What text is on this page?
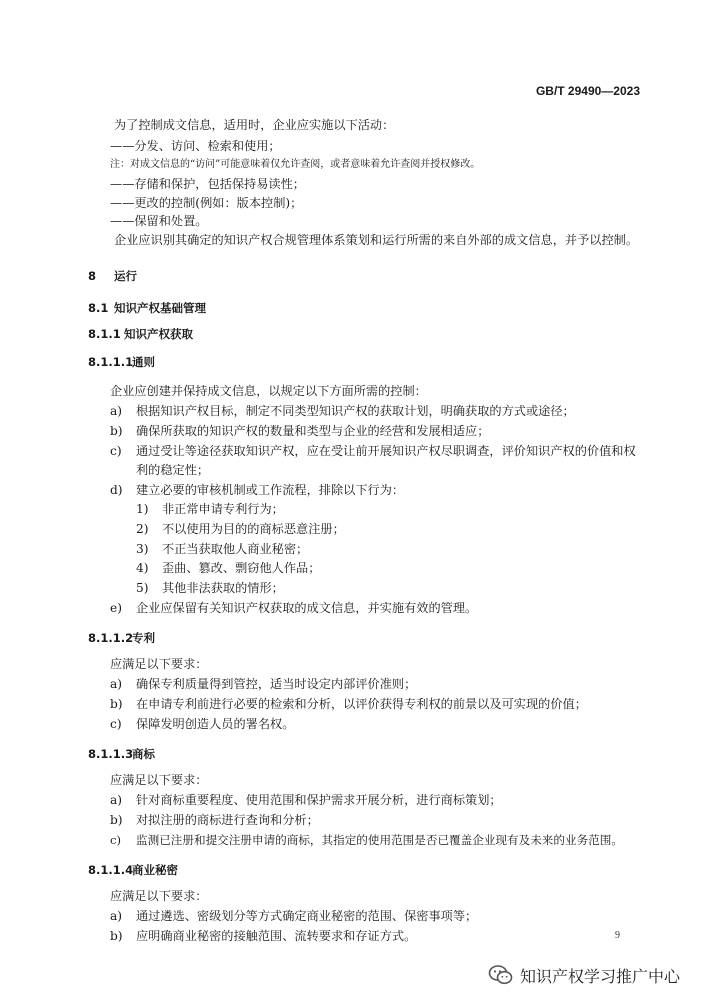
GB/T 29490—2023
为了控制成文信息，适用时，企业应实施以下活动：
——分发、访问、检索和使用；
注：对成文信息的“访问”可能意味着仅允许查阅，或者意味着允许查阅并授权修改。
——存储和保护，包括保持易读性；
——更改的控制(例如：版本控制)；
——保留和处置。
企业应识别其确定的知识产权合规管理体系策划和运行所需的来自外部的成文信息，并予以控制。
8 运行
8.1 知识产权基础管理
8.1.1 知识产权获取
8.1.1.1通则
企业应创建并保持成文信息，以规定以下方面所需的控制：
a) 根据知识产权目标，制定不同类型知识产权的获取计划，明确获取的方式或途径；
b) 确保所获取的知识产权的数量和类型与企业的经营和发展相适应；
c) 通过受让等途径获取知识产权，应在受让前开展知识产权尽职调查，评价知识产权的价值和权
利的稳定性；
d) 建立必要的审核机制或工作流程，排除以下行为：
1) 非正常申请专利行为；
2) 不以使用为目的的商标恶意注册；
3) 不正当获取他人商业秘密；
4) 歪曲、篡改、剽窃他人作品；
5) 其他非法获取的情形；
e) 企业应保留有关知识产权获取的成文信息，并实施有效的管理。
8.1.1.2专利
应满足以下要求：
a) 确保专利质量得到管控，适当时设定内部评价准则；
b) 在申请专利前进行必要的检索和分析，以评价获得专利权的前景以及可实现的价值；
c) 保障发明创造人员的署名权。
8.1.1.3商标
应满足以下要求：
a) 针对商标重要程度、使用范围和保护需求开展分析，进行商标策划；
b) 对拟注册的商标进行查询和分析；
c) 监测已注册和提交注册申请的商标，其指定的使用范围是否已覆盖企业现有及未来的业务范围。
8.1.1.4商业秘密
应满足以下要求：
a) 通过遴选、密级划分等方式确定商业秘密的范围、保密事项等；
b) 应明确商业秘密的接触范围、流转要求和存证方式。	9
知识产权学习推广中心
